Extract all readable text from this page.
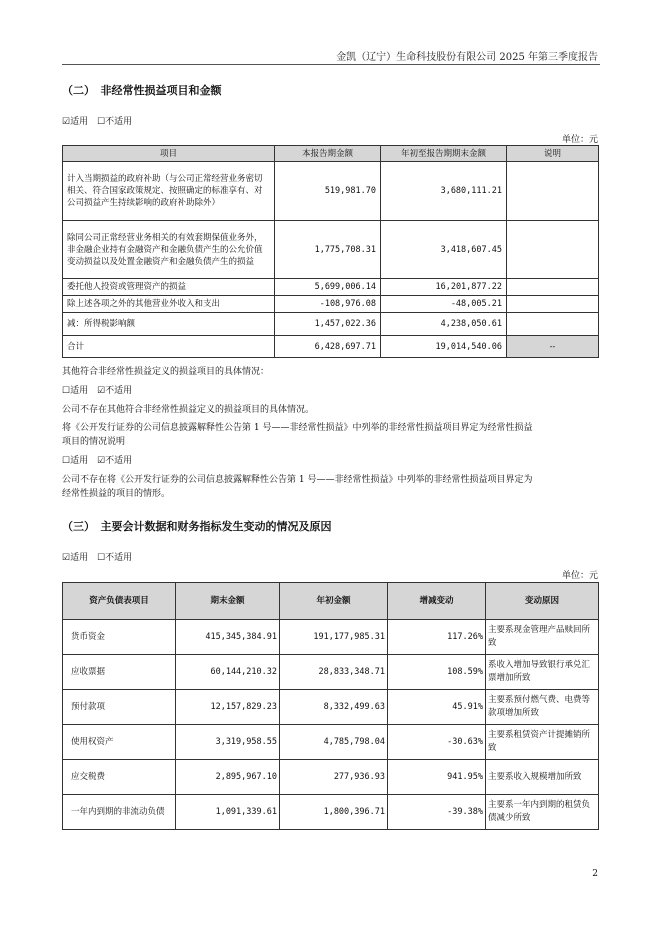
金凯（辽宁）生命科技股份有限公司 2025 年第三季度报告
（二）　非经常性损益项目和金额
☑适用　☐不适用
单位：元
项目	本报告期金额	年初至报告期期末金额	说明
计入当期损益的政府补助（与公司正常经营业务密切相关、符合国家政策规定、按照确定的标准享有、对公司损益产生持续影响的政府补助除外）	519,981.70	3,680,111.21	
除同公司正常经营业务相关的有效套期保值业务外，非金融企业持有金融资产和金融负债产生的公允价值变动损益以及处置金融资产和金融负债产生的损益	1,775,708.31	3,418,607.45	
委托他人投资或管理资产的损益	5,699,006.14	16,201,877.22	
除上述各项之外的其他营业外收入和支出	-108,976.08	-48,005.21	
减：所得税影响额	1,457,022.36	4,238,050.61	
合计	6,428,697.71	19,014,540.06	--
其他符合非经常性损益定义的损益项目的具体情况：
☐适用　☑不适用
公司不存在其他符合非经常性损益定义的损益项目的具体情况。
将《公开发行证券的公司信息披露解释性公告第 1 号——非经常性损益》中列举的非经常性损益项目界定为经常性损益
项目的情况说明
☐适用　☑不适用
公司不存在将《公开发行证券的公司信息披露解释性公告第 1 号——非经常性损益》中列举的非经常性损益项目界定为
经常性损益的项目的情形。
（三）　主要会计数据和财务指标发生变动的情况及原因
☑适用　☐不适用
单位：元
资产负债表项目	期末金额	年初金额	增减变动	变动原因
货币资金	415,345,384.91	191,177,985.31	117.26%	主要系现金管理产品赎回所致
应收票据	60,144,210.32	28,833,348.71	108.59%	系收入增加导致银行承兑汇票增加所致
预付款项	12,157,829.23	8,332,499.63	45.91%	主要系预付燃气费、电费等款项增加所致
使用权资产	3,319,958.55	4,785,798.04	-30.63%	主要系租赁资产计提摊销所致
应交税费	2,895,967.10	277,936.93	941.95%	主要系收入规模增加所致
一年内到期的非流动负债	1,091,339.61	1,800,396.71	-39.38%	主要系一年内到期的租赁负债减少所致
2
